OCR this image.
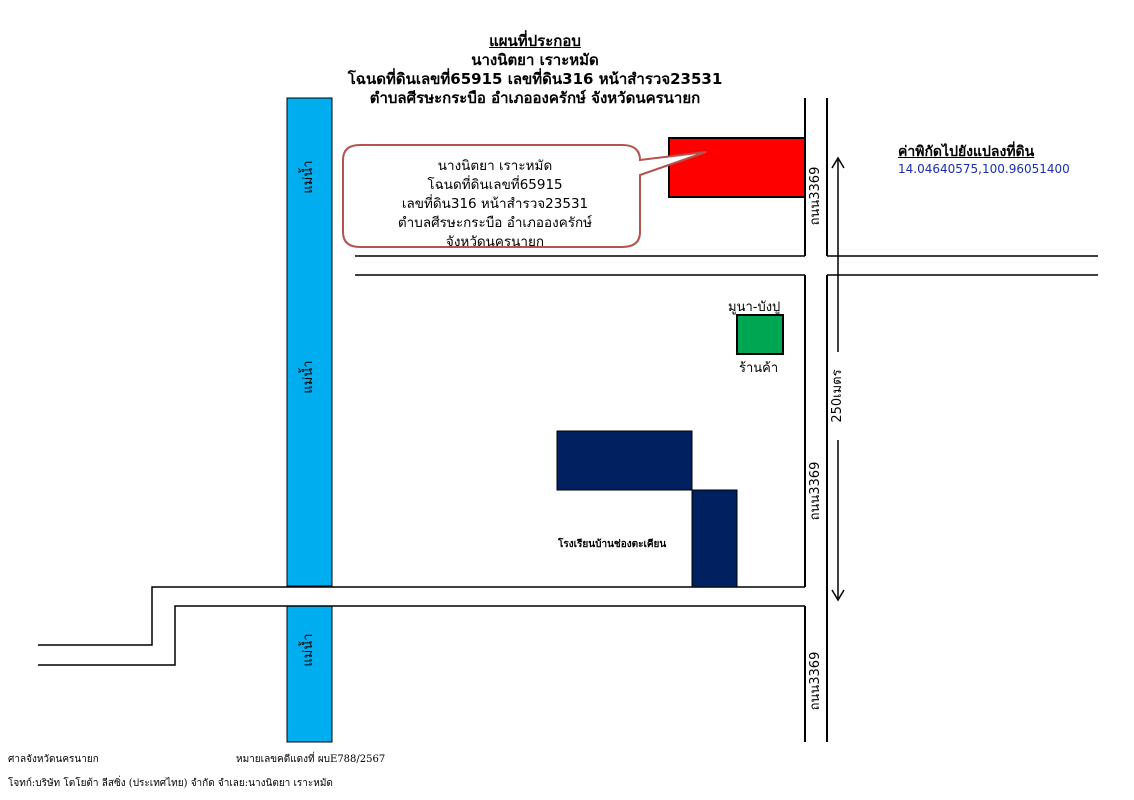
แผนที่ประกอบ
นางนิตยา เราะหมัด
โฉนดที่ดินเลขที่65915 เลขที่ดิน316 หน้าสำรวจ23531
ตำบลศีรษะกระบือ อำเภอองครักษ์ จังหวัดนครนายก
นางนิตยา เราะหมัด
โฉนดที่ดินเลขที่65915
เลขที่ดิน316 หน้าสำรวจ23531
ตำบลศีรษะกระบือ อำเภอองครักษ์
จังหวัดนครนายก
แม่น้ำ
แม่น้ำ
แม่น้ำ
ถนน3369
ถนน3369
ถนน3369
250เมตร
มูนา-บังปู
ร้านค้า
โรงเรียนบ้านช่องตะเคียน
ค่าพิกัดไปยังแปลงที่ดิน
14.04640575,100.96051400
ศาลจังหวัดนครนายก	หมายเลขคดีแดงที่ ผบE788/2567
โจทก์:บริษัท โตโยต้า ลีสซิ่ง (ประเทศไทย) จำกัด จำเลย:นางนิตยา เราะหมัด
